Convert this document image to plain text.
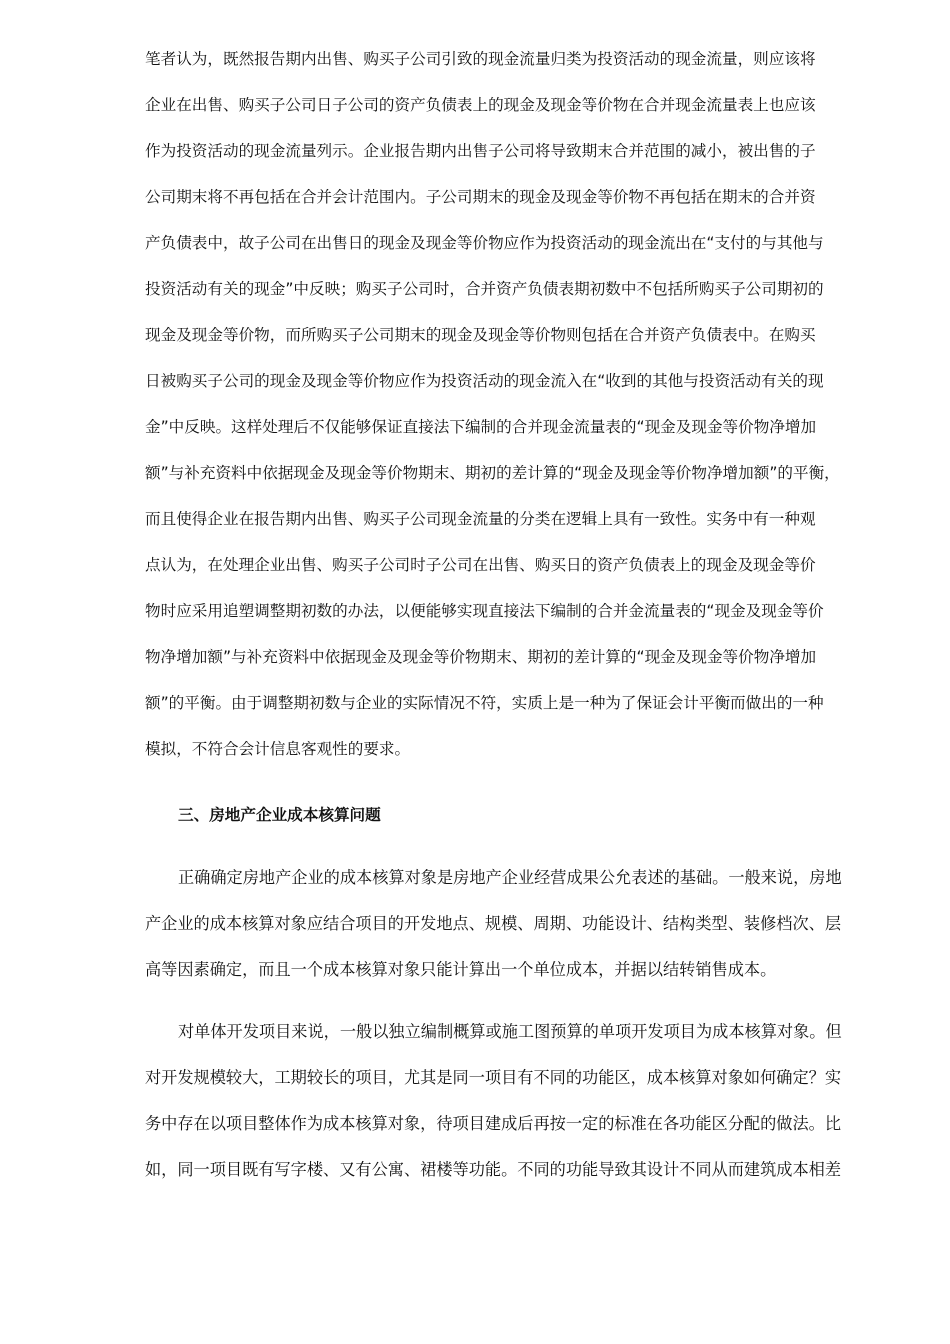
笔者认为，既然报告期内出售、购买子公司引致的现金流量归类为投资活动的现金流量，则应该将

企业在出售、购买子公司日子公司的资产负债表上的现金及现金等价物在合并现金流量表上也应该

作为投资活动的现金流量列示。企业报告期内出售子公司将导致期末合并范围的减小，被出售的子

公司期末将不再包括在合并会计范围内。子公司期末的现金及现金等价物不再包括在期末的合并资

产负债表中，故子公司在出售日的现金及现金等价物应作为投资活动的现金流出在“支付的与其他与

投资活动有关的现金”中反映；购买子公司时，合并资产负债表期初数中不包括所购买子公司期初的

现金及现金等价物，而所购买子公司期末的现金及现金等价物则包括在合并资产负债表中。在购买

日被购买子公司的现金及现金等价物应作为投资活动的现金流入在“收到的其他与投资活动有关的现

金”中反映。这样处理后不仅能够保证直接法下编制的合并现金流量表的“现金及现金等价物净增加

额”与补充资料中依据现金及现金等价物期末、期初的差计算的“现金及现金等价物净增加额”的平衡，

而且使得企业在报告期内出售、购买子公司现金流量的分类在逻辑上具有一致性。实务中有一种观

点认为，在处理企业出售、购买子公司时子公司在出售、购买日的资产负债表上的现金及现金等价

物时应采用追塑调整期初数的办法，以便能够实现直接法下编制的合并金流量表的“现金及现金等价

物净增加额”与补充资料中依据现金及现金等价物期末、期初的差计算的“现金及现金等价物净增加

额”的平衡。由于调整期初数与企业的实际情况不符，实质上是一种为了保证会计平衡而做出的一种

模拟，不符合会计信息客观性的要求。

三、房地产企业成本核算问题

正确确定房地产企业的成本核算对象是房地产企业经营成果公允表述的基础。一般来说，房地

产企业的成本核算对象应结合项目的开发地点、规模、周期、功能设计、结构类型、装修档次、层

高等因素确定，而且一个成本核算对象只能计算出一个单位成本，并据以结转销售成本。

对单体开发项目来说，一般以独立编制概算或施工图预算的单项开发项目为成本核算对象。但

对开发规模较大，工期较长的项目，尤其是同一项目有不同的功能区，成本核算对象如何确定？实

务中存在以项目整体作为成本核算对象，待项目建成后再按一定的标准在各功能区分配的做法。比

如，同一项目既有写字楼、又有公寓、裙楼等功能。不同的功能导致其设计不同从而建筑成本相差
